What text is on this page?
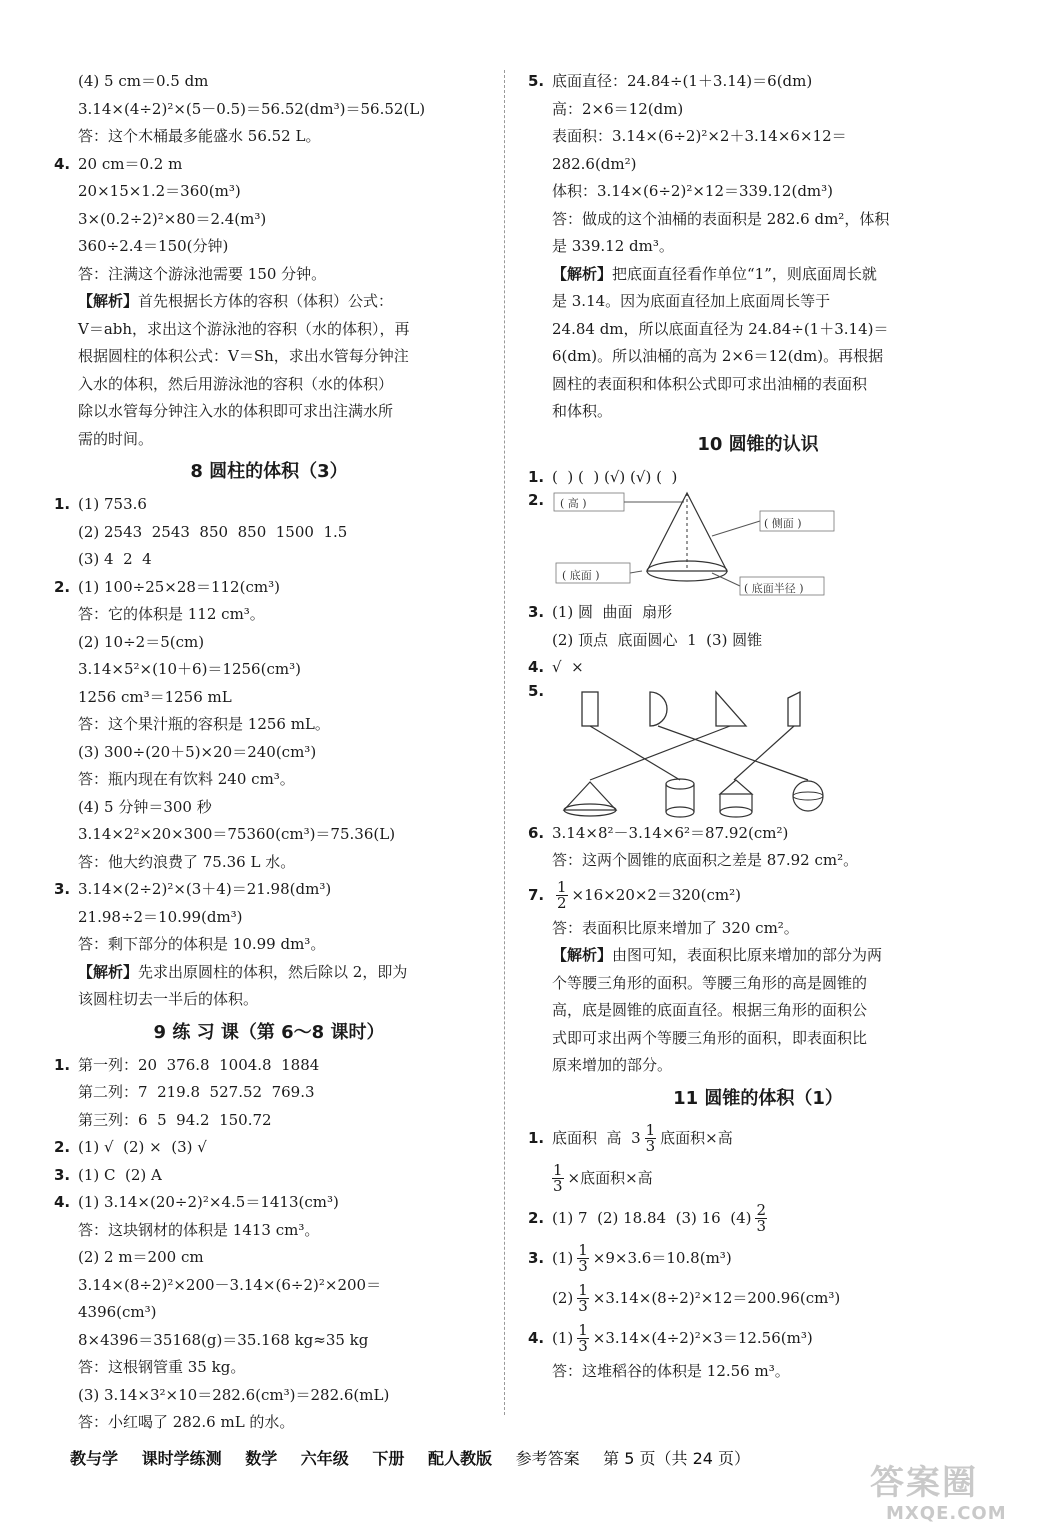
(4) 5 cm＝0.5 dm
3.14×(4÷2)²×(5－0.5)＝56.52(dm³)＝56.52(L)
答：这个木桶最多能盛水 56.52 L。
4. 20 cm＝0.2 m
20×15×1.2＝360(m³)
3×(0.2÷2)²×80＝2.4(m³)
360÷2.4＝150(分钟)
答：注满这个游泳池需要 150 分钟。
【解析】首先根据长方体的容积（体积）公式：
V＝abh，求出这个游泳池的容积（水的体积），再
根据圆柱的体积公式：V＝Sh，求出水管每分钟注
入水的体积，然后用游泳池的容积（水的体积）
除以水管每分钟注入水的体积即可求出注满水所
需的时间。
8 圆柱的体积（3）
1. (1) 753.6
(2) 2543  2543  850  850  1500  1.5
(3) 4  2  4
2. (1) 100÷25×28＝112(cm³)
答：它的体积是 112 cm³。
(2) 10÷2＝5(cm)
3.14×5²×(10＋6)＝1256(cm³)
1256 cm³＝1256 mL
答：这个果汁瓶的容积是 1256 mL。
(3) 300÷(20＋5)×20＝240(cm³)
答：瓶内现在有饮料 240 cm³。
(4) 5 分钟＝300 秒
3.14×2²×20×300＝75360(cm³)＝75.36(L)
答：他大约浪费了 75.36 L 水。
3. 3.14×(2÷2)²×(3＋4)＝21.98(dm³)
21.98÷2＝10.99(dm³)
答：剩下部分的体积是 10.99 dm³。
【解析】先求出原圆柱的体积，然后除以 2，即为
该圆柱切去一半后的体积。
9 练 习 课（第 6～8 课时）
1. 第一列：20  376.8  1004.8  1884
第二列：7  219.8  527.52  769.3
第三列：6  5  94.2  150.72
2. (1) √  (2) ×  (3) √
3. (1) C  (2) A
4. (1) 3.14×(20÷2)²×4.5＝1413(cm³)
答：这块钢材的体积是 1413 cm³。
(2) 2 m＝200 cm
3.14×(8÷2)²×200－3.14×(6÷2)²×200＝
4396(cm³)
8×4396＝35168(g)＝35.168 kg≈35 kg
答：这根钢管重 35 kg。
(3) 3.14×3²×10＝282.6(cm³)＝282.6(mL)
答：小红喝了 282.6 mL 的水。
5. 底面直径：24.84÷(1＋3.14)＝6(dm)
高：2×6＝12(dm)
表面积：3.14×(6÷2)²×2＋3.14×6×12＝
282.6(dm²)
体积：3.14×(6÷2)²×12＝339.12(dm³)
答：做成的这个油桶的表面积是 282.6 dm²，体积
是 339.12 dm³。
【解析】把底面直径看作单位“1”，则底面周长就
是 3.14。因为底面直径加上底面周长等于
24.84 dm，所以底面直径为 24.84÷(1＋3.14)＝
6(dm)。所以油桶的高为 2×6＝12(dm)。再根据
圆柱的表面积和体积公式即可求出油桶的表面积
和体积。
10 圆锥的认识
1. (  ) (  ) (√) (√) (  )
2.	( 高 )
( 侧面 )
( 底面 )
( 底面半径 )
3. (1) 圆  曲面  扇形
(2) 顶点  底面圆心  1  (3) 圆锥
4. √  ×
5.
6. 3.14×8²－3.14×6²＝87.92(cm²)
答：这两个圆锥的底面积之差是 87.92 cm²。
7. $\frac{1}{2} \times 16\times 20\times 2=320(cm^2)$
答：表面积比原来增加了 320 cm²。
【解析】由图可知，表面积比原来增加的部分为两
个等腰三角形的面积。等腰三角形的高是圆锥的
高，底是圆锥的底面直径。根据三角形的面积公
式即可求出两个等腰三角形的面积，即表面积比
原来增加的部分。
11 圆锥的体积（1）
1. 底面积  高  $3 \frac{1}{3}$ 底面积×高
$\frac{1}{3}$ ×底面积×高
2. (1) 7  (2) 18.84  (3) 16  $(4) \frac{2}{3}$
3. $(1) \frac{1}{3} \times 9\times 3.6=10.8(m^3)$
$(2) \frac{1}{3} \times 3.14\times(8\div 2)^2\times 12=200.96(cm^3)$
4. $(1) \frac{1}{3} \times 3.14\times(4\div 2)^2\times 3=12.56(m^3)$
答：这堆稻谷的体积是 12.56 m³。
教与学 课时学练测 数学 六年级 下册 配人教版 参考答案 第 5 页（共 24 页）
答案圈
MXQE.COM
